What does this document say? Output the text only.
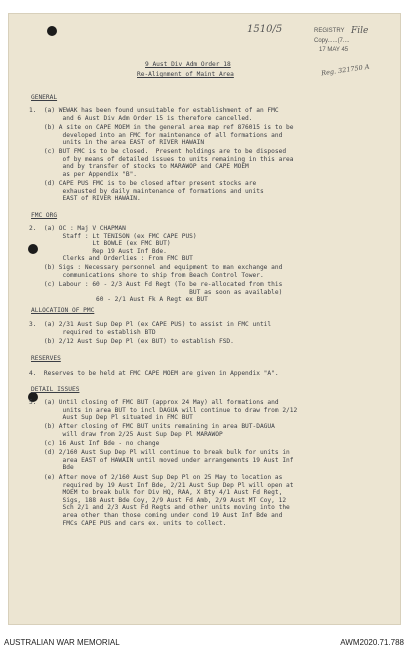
1510/5	File
REGISTRY
Copy......(7....
17 MAY 45
Reg. 321750 A
9 Aust Div Adm Order 18
Re-Alignment of Maint Area
GENERAL
1.  (a) WEWAK has been found unsuitable for establishment of an FMC
and 6 Aust Div Adm Order 15 is therefore cancelled.
(b) A site on CAPE MOEM in the general area map ref 876015 is to be
developed into an FMC for maintenance of all formations and
units in the area EAST of RIVER HAWAIN
(c) BUT FMC is to be closed.  Present holdings are to be disposed
of by means of detailed issues to units remaining in this area
and by transfer of stocks to MARAWOP and CAPE MOEM
as per Appendix "B".
(d) CAPE PUS FMC is to be closed after present stocks are
exhausted by daily maintenance of formations and units
EAST of RIVER HAWAIN.
FMC ORG
2.  (a) OC : Maj V CHAPMAN
Staff : Lt TENISON (ex FMC CAPE PUS)
Lt BOWLE (ex FMC BUT)
Rep 19 Aust Inf Bde.
Clerks and Orderlies : From FMC BUT
(b) Sigs : Necessary personnel and equipment to man exchange and
communications shore to ship from Beach Control Tower.
(c) Labour : 60 - 2/3 Aust Fd Regt (To be re-allocated from this
BUT as soon as available)
60 - 2/1 Aust Fk A Regt ex BUT
ALLOCATION OF PMC
3.  (a) 2/31 Aust Sup Dep Pl (ex CAPE PUS) to assist in FMC until
required to establish BTD
(b) 2/12 Aust Sup Dep Pl (ex BUT) to establish FSD.
RESERVES
4.  Reserves to be held at FMC CAPE MOEM are given in Appendix "A".
DETAIL ISSUES
5.  (a) Until closing of FMC BUT (approx 24 May) all formations and
units in area BUT to incl DAGUA will continue to draw from 2/12
Aust Sup Dep Pl situated in FMC BUT
(b) After closing of FMC BUT units remaining in area BUT-DAGUA
will draw from 2/25 Aust Sup Dep Pl MARAWOP
(c) 16 Aust Inf Bde - no change
(d) 2/160 Aust Sup Dep Pl will continue to break bulk for units in
area EAST of HAWAIN until moved under arrangements 19 Aust Inf
Bde
(e) After move of 2/160 Aust Sup Dep Pl on 25 May to location as
required by 19 Aust Inf Bde, 2/21 Aust Sup Dep Pl will open at
MOEM to break bulk for Div HQ, RAA, X Bty 4/1 Aust Fd Regt,
Sigs, 188 Aust Bde Coy, 2/9 Aust Fd Amb, 2/9 Aust MT Coy, 12
Sch 2/1 and 2/3 Aust Fd Regts and other units moving into the
area other than those coming under cond 19 Aust Inf Bde and
FMCs CAPE PUS and cars ex. units to collect.
AUSTRALIAN WAR MEMORIAL	AWM2020.71.788
